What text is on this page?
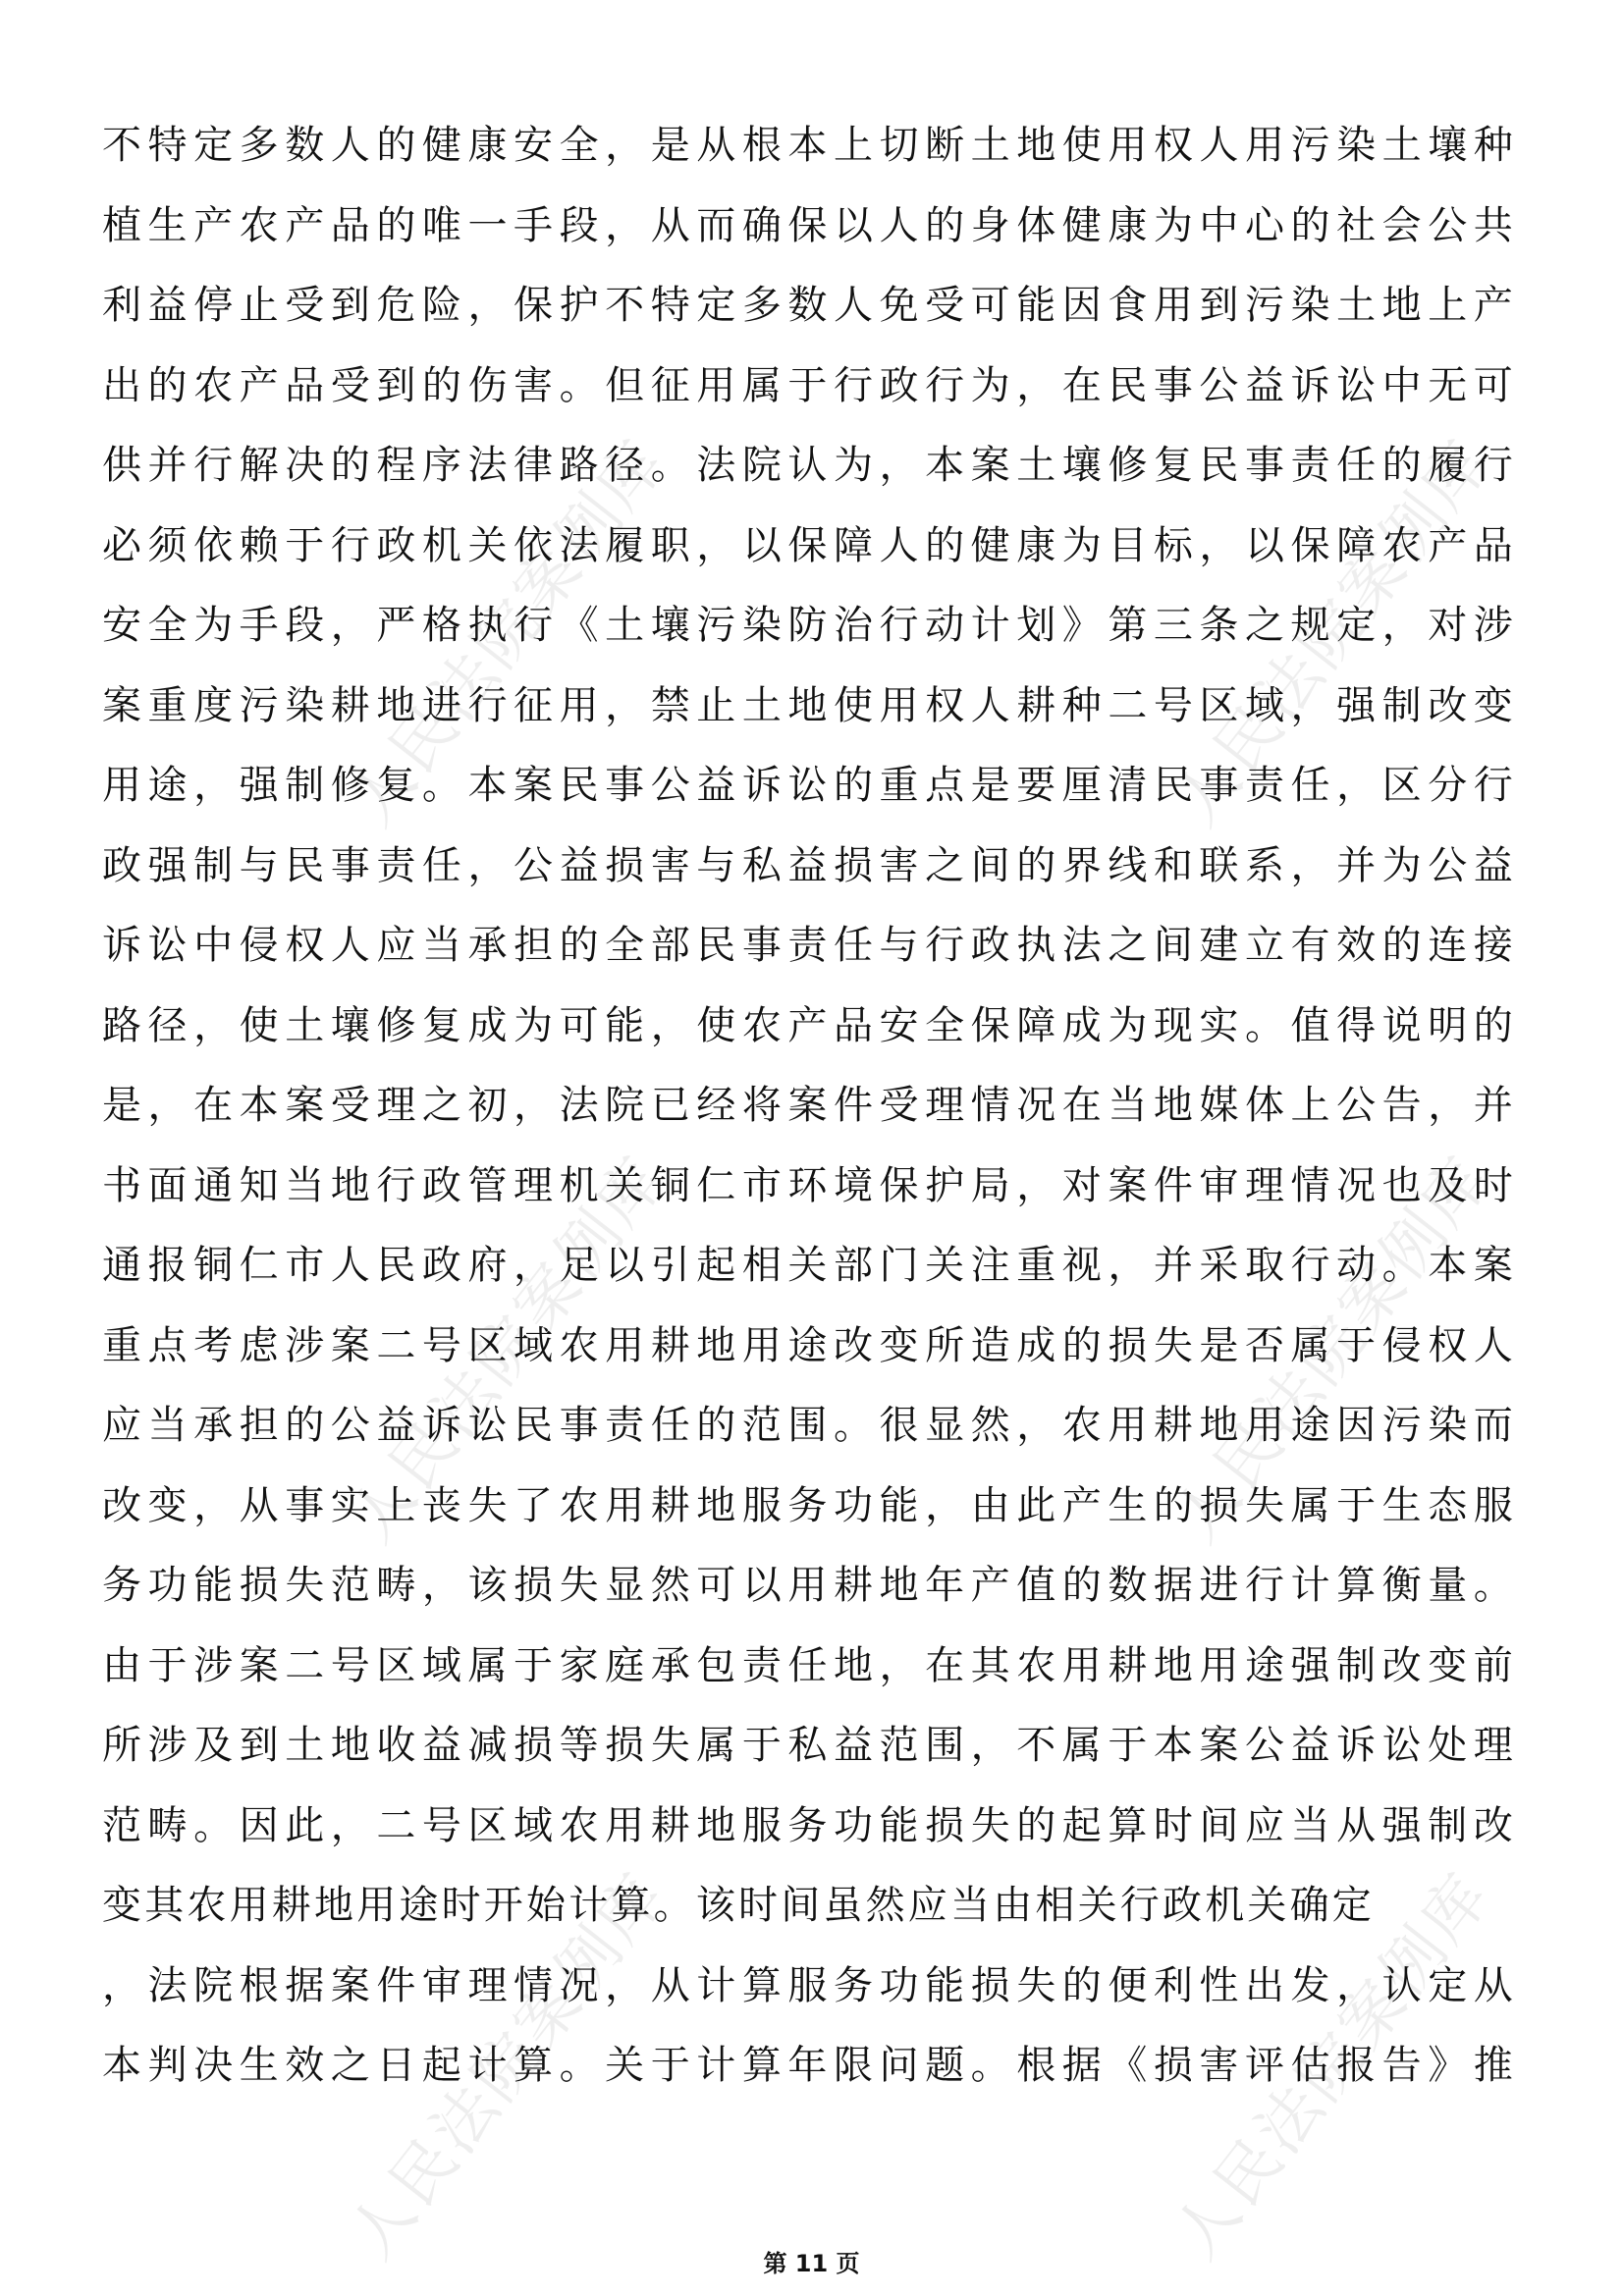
人民法院案例库	人民法院案例库
人民法院案例库	人民法院案例库
人民法院案例库	人民法院案例库
不特定多数人的健康安全，是从根本上切断土地使用权人用污染土壤种
植生产农产品的唯一手段，从而确保以人的身体健康为中心的社会公共
利益停止受到危险，保护不特定多数人免受可能因食用到污染土地上产
出的农产品受到的伤害。但征用属于行政行为，在民事公益诉讼中无可
供并行解决的程序法律路径。法院认为，本案土壤修复民事责任的履行
必须依赖于行政机关依法履职，以保障人的健康为目标，以保障农产品
安全为手段，严格执行《土壤污染防治行动计划》第三条之规定，对涉
案重度污染耕地进行征用，禁止土地使用权人耕种二号区域，强制改变
用途，强制修复。本案民事公益诉讼的重点是要厘清民事责任，区分行
政强制与民事责任，公益损害与私益损害之间的界线和联系，并为公益
诉讼中侵权人应当承担的全部民事责任与行政执法之间建立有效的连接
路径，使土壤修复成为可能，使农产品安全保障成为现实。值得说明的
是，在本案受理之初，法院已经将案件受理情况在当地媒体上公告，并
书面通知当地行政管理机关铜仁市环境保护局，对案件审理情况也及时
通报铜仁市人民政府，足以引起相关部门关注重视，并采取行动。本案
重点考虑涉案二号区域农用耕地用途改变所造成的损失是否属于侵权人
应当承担的公益诉讼民事责任的范围。很显然，农用耕地用途因污染而
改变，从事实上丧失了农用耕地服务功能，由此产生的损失属于生态服
务功能损失范畴，该损失显然可以用耕地年产值的数据进行计算衡量。
由于涉案二号区域属于家庭承包责任地，在其农用耕地用途强制改变前
所涉及到土地收益减损等损失属于私益范围，不属于本案公益诉讼处理
范畴。因此，二号区域农用耕地服务功能损失的起算时间应当从强制改
变其农用耕地用途时开始计算。该时间虽然应当由相关行政机关确定
，法院根据案件审理情况，从计算服务功能损失的便利性出发，认定从
本判决生效之日起计算。关于计算年限问题。根据《损害评估报告》推
第 11 页
